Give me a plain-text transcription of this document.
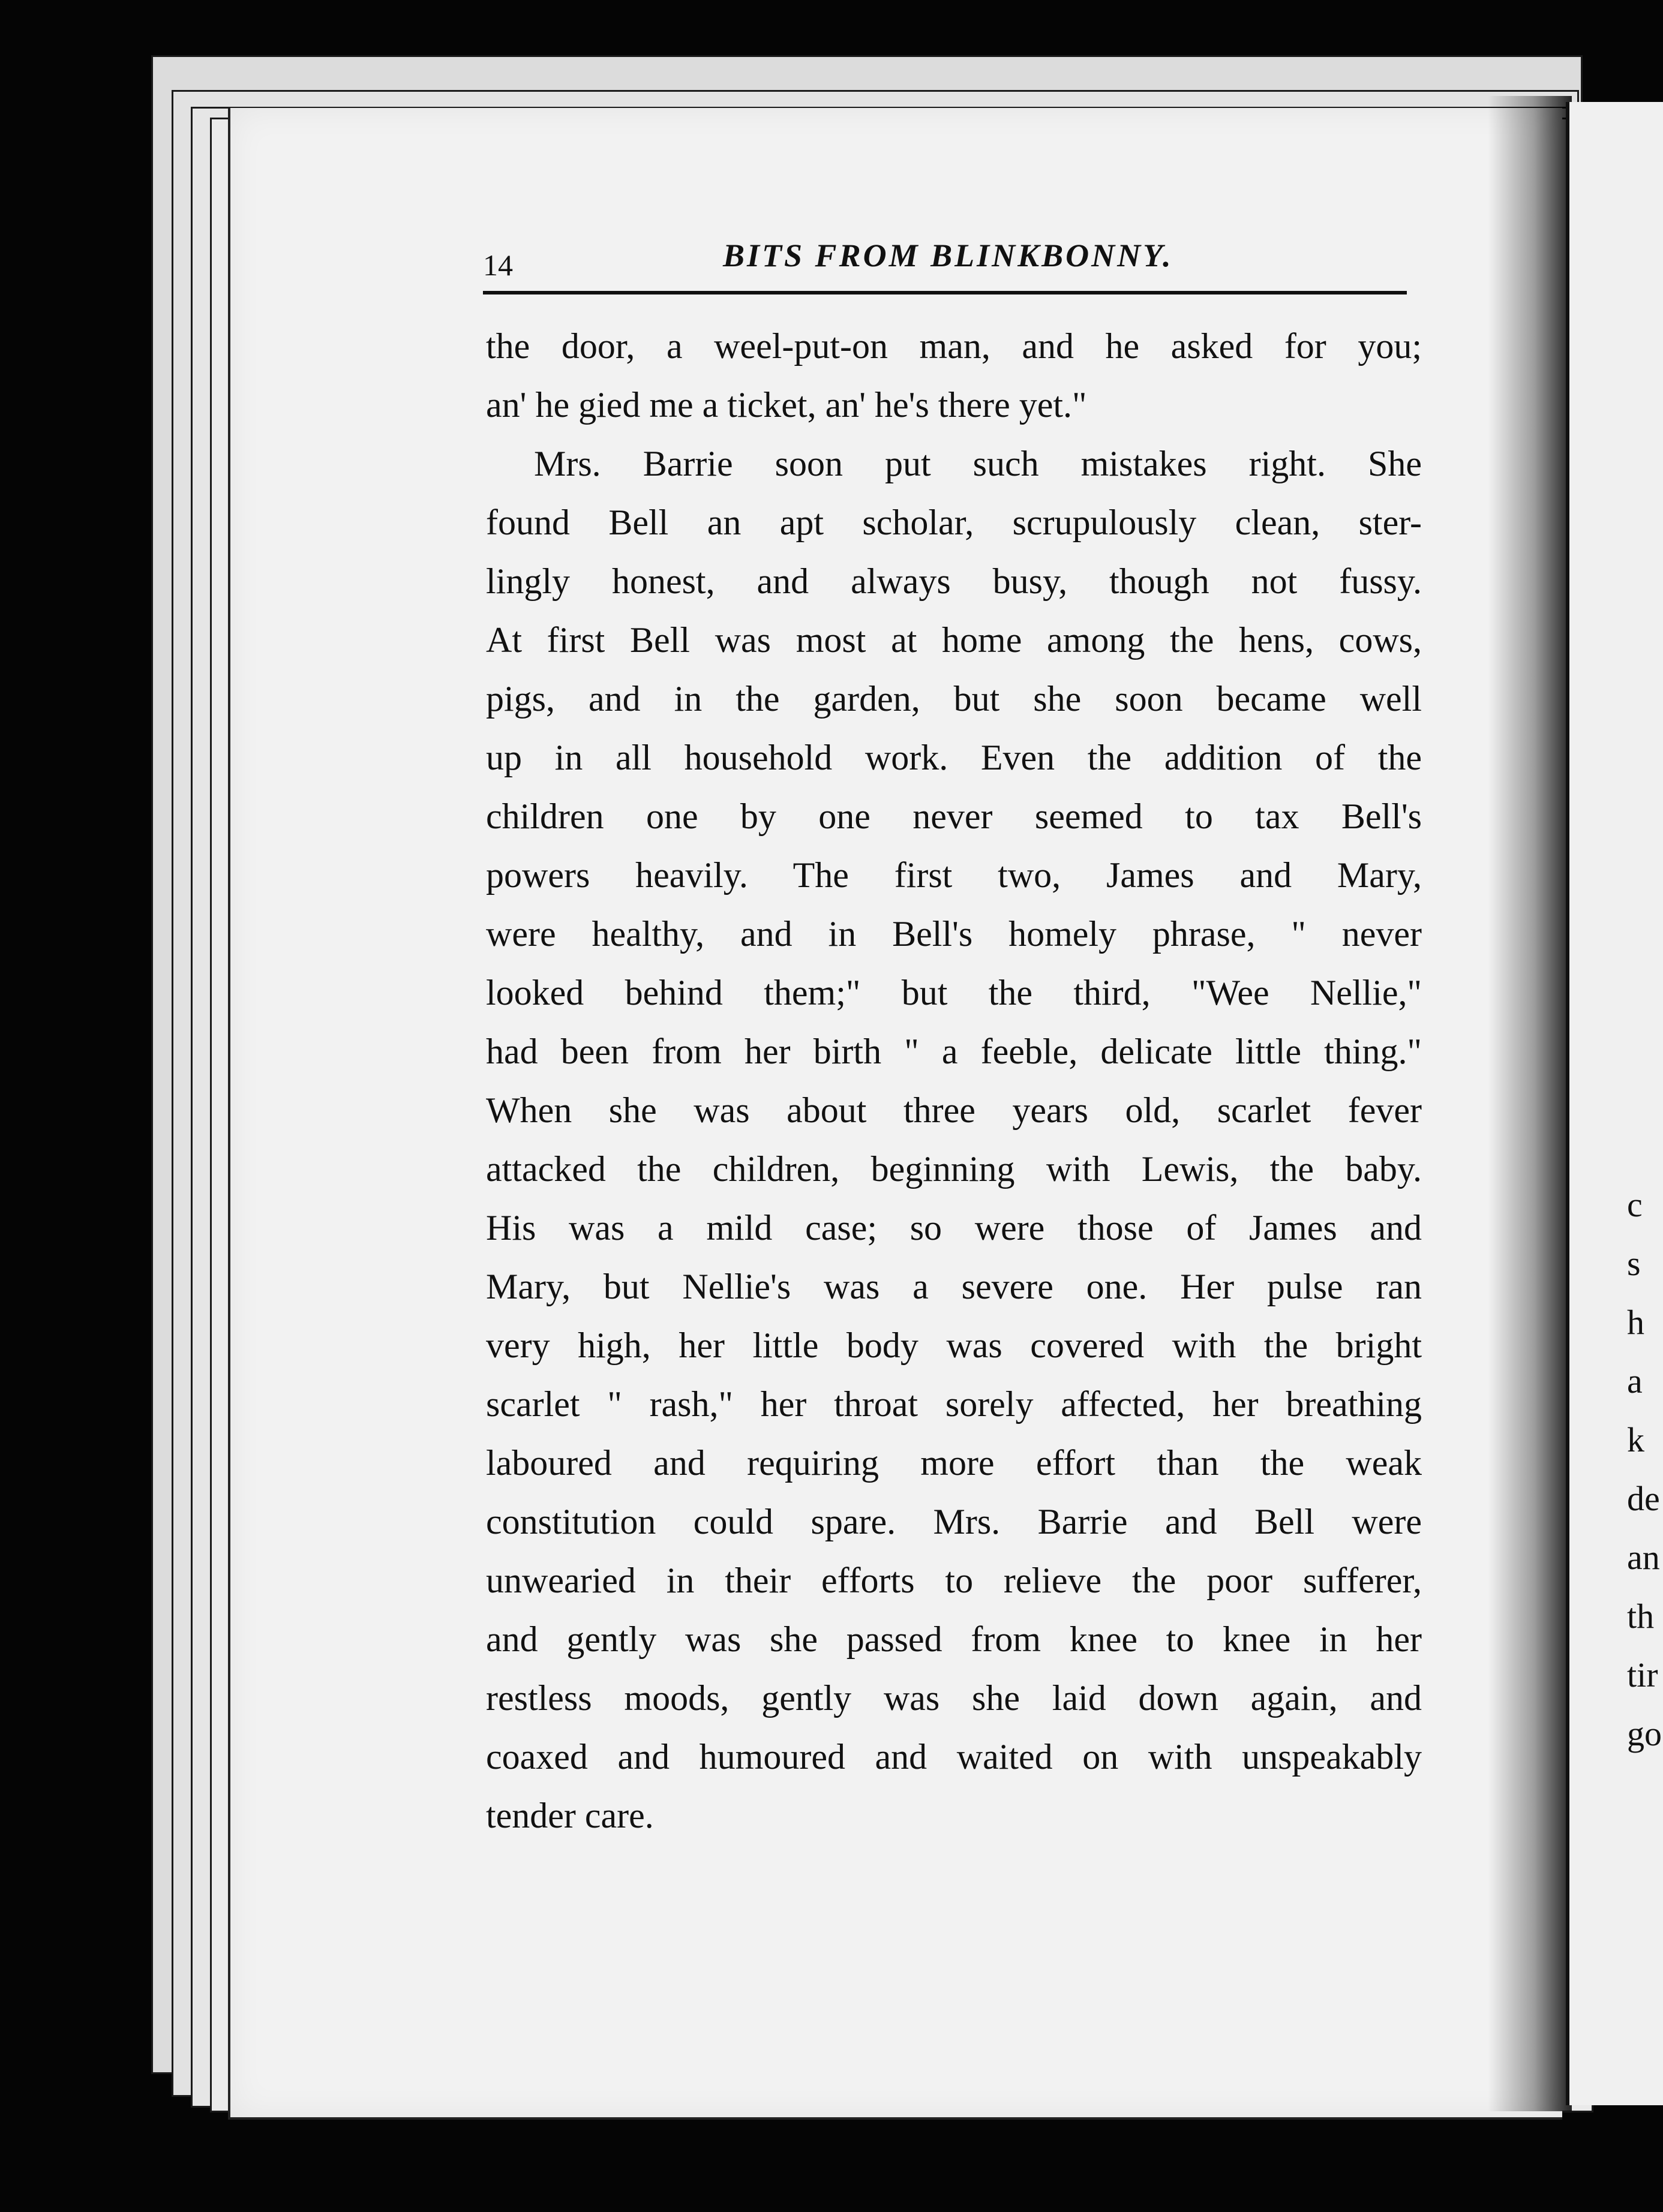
c
s
h
a
k
de
an
th
tir
go
14	BITS FROM BLINKBONNY.
the door, a weel-put-on man, and he asked for you;
an' he gied me a ticket, an' he's there yet."
Mrs. Barrie soon put such mistakes right. She
found Bell an apt scholar, scrupulously clean, ster-
lingly honest, and always busy, though not fussy.
At first Bell was most at home among the hens, cows,
pigs, and in the garden, but she soon became well
up in all household work. Even the addition of the
children one by one never seemed to tax Bell's
powers heavily. The first two, James and Mary,
were healthy, and in Bell's homely phrase, " never
looked behind them;" but the third, "Wee Nellie,"
had been from her birth " a feeble, delicate little thing."
When she was about three years old, scarlet fever
attacked the children, beginning with Lewis, the baby.
His was a mild case; so were those of James and
Mary, but Nellie's was a severe one. Her pulse ran
very high, her little body was covered with the bright
scarlet " rash," her throat sorely affected, her breathing
laboured and requiring more effort than the weak
constitution could spare. Mrs. Barrie and Bell were
unwearied in their efforts to relieve the poor sufferer,
and gently was she passed from knee to knee in her
restless moods, gently was she laid down again, and
coaxed and humoured and waited on with unspeakably
tender care.
